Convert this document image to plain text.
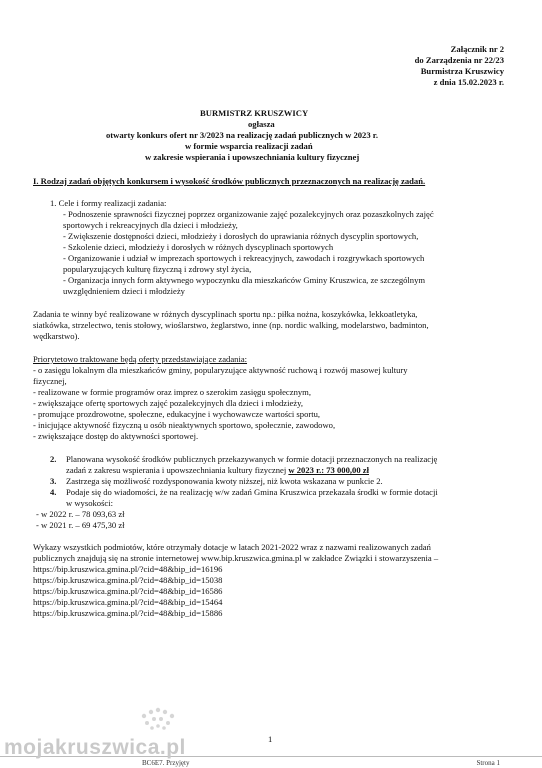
Załącznik nr 2
do Zarządzenia nr 22/23
Burmistrza Kruszwicy
z dnia 15.02.2023 r.
BURMISTRZ KRUSZWICY
ogłasza
otwarty konkurs ofert nr 3/2023 na realizację zadań publicznych w 2023 r.
w formie wsparcia realizacji zadań
w zakresie wspierania i upowszechniania kultury fizycznej
I. Rodzaj zadań objętych konkursem i wysokość środków publicznych przeznaczonych na realizację zadań.
1. Cele i formy realizacji zadania:
- Podnoszenie sprawności fizycznej poprzez organizowanie zajęć pozalekcyjnych oraz pozaszkolnych zajęć
sportowych i rekreacyjnych dla dzieci i młodzieży,
- Zwiększenie dostępności dzieci, młodzieży i dorosłych do uprawiania różnych dyscyplin sportowych,
- Szkolenie dzieci, młodzieży i dorosłych w różnych dyscyplinach sportowych
- Organizowanie i udział w imprezach sportowych i rekreacyjnych, zawodach i rozgrywkach sportowych
popularyzujących kulturę fizyczną i zdrowy styl życia,
- Organizacja innych form aktywnego wypoczynku dla mieszkańców Gminy Kruszwica, ze szczególnym
uwzględnieniem dzieci i młodzieży
Zadania te winny być realizowane w różnych dyscyplinach sportu np.: piłka nożna, koszykówka, lekkoatletyka,
siatkówka, strzelectwo, tenis stołowy, wioślarstwo, żeglarstwo, inne (np. nordic walking, modelarstwo, badminton,
wędkarstwo).
Priorytetowo traktowane będą oferty przedstawiające zadania:
- o zasięgu lokalnym dla mieszkańców gminy, popularyzujące aktywność ruchową i rozwój masowej kultury
fizycznej,
- realizowane w formie programów oraz imprez o szerokim zasięgu społecznym,
- zwiększające ofertę sportowych zajęć pozalekcyjnych dla dzieci i młodzieży,
- promujące prozdrowotne, społeczne, edukacyjne i wychowawcze wartości sportu,
- inicjujące aktywność fizyczną u osób nieaktywnych sportowo, społecznie, zawodowo,
- zwiększające dostęp do aktywności sportowej.
2. Planowana wysokość środków publicznych przekazywanych w formie dotacji przeznaczonych na realizację
zadań z zakresu wspierania i upowszechniania kultury fizycznej w 2023 r.: 73 000,00 zł
3. Zastrzega się możliwość rozdysponowania kwoty niższej, niż kwota wskazana w punkcie 2.
4. Podaje się do wiadomości, że na realizację w/w zadań Gmina Kruszwica przekazała środki w formie dotacji
w wysokości:
- w 2022 r. – 78 093,63 zł
- w 2021 r. – 69 475,30 zł
Wykazy wszystkich podmiotów, które otrzymały dotacje w latach 2021-2022 wraz z nazwami realizowanych zadań
publicznych znajdują się na stronie internetowej www.bip.kruszwica.gmina.pl w zakładce Związki i stowarzyszenia –
https://bip.kruszwica.gmina.pl/?cid=48&bip_id=16196
https://bip.kruszwica.gmina.pl/?cid=48&bip_id=15038
https://bip.kruszwica.gmina.pl/?cid=48&bip_id=16586
https://bip.kruszwica.gmina.pl/?cid=48&bip_id=15464
https://bip.kruszwica.gmina.pl/?cid=48&bip_id=15886
1
BC6E7. Przyjęty	Strona 1
mojakruszwica.pl
